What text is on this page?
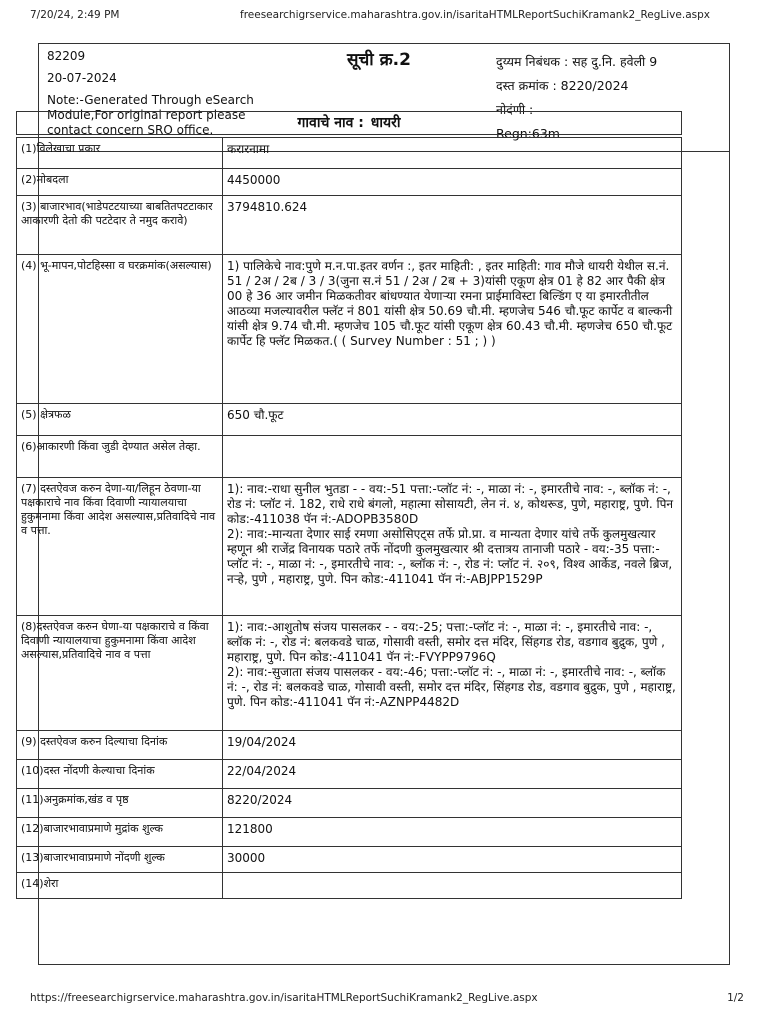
7/20/24, 2:49 PM	freesearchigrservice.maharashtra.gov.in/isaritaHTMLReportSuchiKramank2_RegLive.aspx
82209
20-07-2024
Note:-Generated Through eSearch Module,For original report please contact concern SRO office.
सूची क्र.2	दुय्यम निबंधक : सह दु.नि. हवेली 9
दस्त क्रमांक : 8220/2024
नोदंणी :
Regn:63m
गावाचे नाव : धायरी
(1)विलेखाचा प्रकार	करारनामा
(2)मोबदला	4450000
(3) बाजारभाव(भाडेपटटयाच्या बाबतितपटटाकार आकारणी देतो की पटटेदार ते नमुद करावे)	3794810.624
(4) भू-मापन,पोटहिस्सा व घरक्रमांक(असल्यास)	1) पालिकेचे नाव:पुणे म.न.पा.इतर वर्णन :, इतर माहिती: , इतर माहिती: गाव मौजे धायरी येथील स.नं. 51 / 2अ / 2ब / 3 / 3(जुना स.नं 51 / 2अ / 2ब + 3)यांसी एकूण क्षेत्र 01 हे 82 आर पैकी क्षेत्र 00 हे 36 आर जमीन मिळकतीवर बांधण्यात येणाऱ्या रमना प्राईमाविस्टा बिल्डिंग ए या इमारतीतील आठव्या मजल्यावरील फ्लॅट नं 801 यांसी क्षेत्र 50.69 चौ.मी. म्हणजेच 546 चौ.फूट कार्पेट व बाल्कनी यांसी क्षेत्र 9.74 चौ.मी. म्हणजेच 105 चौ.फूट यांसी एकूण क्षेत्र 60.43 चौ.मी. म्हणजेच 650 चौ.फूट कार्पेट हि फ्लॅट मिळकत.( ( Survey Number : 51 ; ) )
(5) क्षेत्रफळ	650 चौ.फूट
(6)आकारणी किंवा जुडी देण्यात असेल तेव्हा.	
(7) दस्तऐवज करुन देणा-या/लिहून ठेवणा-या पक्षकाराचे नाव किंवा दिवाणी न्यायालयाचा हुकुमनामा किंवा आदेश असल्यास,प्रतिवादिचे नाव व पत्ता.	1): नाव:-राधा सुनील भुतडा - - वय:-51 पत्ता:-प्लॉट नं: -, माळा नं: -, इमारतीचे नाव: -, ब्लॉक नं: -, रोड नं: प्लॉट नं. 182, राधे राधे बंगलो, महात्मा सोसायटी, लेन नं. ४, कोथरूड, पुणे, महाराष्ट्र, पुणे. पिन कोड:-411038 पॅन नं:-ADOPB3580D
2): नाव:-मान्यता देणार साई रमणा असोसिएट्स तर्फे प्रो.प्रा. व मान्यता देणार यांचे तर्फे कुलमुखत्यार म्हणून श्री राजेंद्र विनायक पठारे तर्फे नोंदणी कुलमुखत्यार श्री दत्तात्रय तानाजी पठारे - वय:-35 पत्ता:-प्लॉट नं: -, माळा नं: -, इमारतीचे नाव: -, ब्लॉक नं: -, रोड नं: प्लॉट नं. २०९, विश्व आर्केड, नवले ब्रिज, नऱ्हे, पुणे , महाराष्ट्र, पुणे. पिन कोड:-411041 पॅन नं:-ABJPP1529P

(8)दस्तऐवज करुन घेणा-या पक्षकाराचे व किंवा दिवाणी न्यायालयाचा हुकुमनामा किंवा आदेश असल्यास,प्रतिवादिचे नाव व पत्ता	1): नाव:-आशुतोष संजय पासलकर - - वय:-25; पत्ता:-प्लॉट नं: -, माळा नं: -, इमारतीचे नाव: -, ब्लॉक नं: -, रोड नं: बलकवडे चाळ, गोसावी वस्ती, समोर दत्त मंदिर, सिंहगड रोड, वडगाव बुद्रुक, पुणे , महाराष्ट्र, पुणे. पिन कोड:-411041 पॅन नं:-FVYPP9796Q
2): नाव:-सुजाता संजय पासलकर - वय:-46; पत्ता:-प्लॉट नं: -, माळा नं: -, इमारतीचे नाव: -, ब्लॉक नं: -, रोड नं: बलकवडे चाळ, गोसावी वस्ती, समोर दत्त मंदिर, सिंहगड रोड, वडगाव बुद्रुक, पुणे , महाराष्ट्र, पुणे. पिन कोड:-411041 पॅन नं:-AZNPP4482D

(9) दस्तऐवज करुन दिल्याचा दिनांक	19/04/2024
(10)दस्त नोंदणी केल्याचा दिनांक	22/04/2024
(11)अनुक्रमांक,खंड व पृष्ठ	8220/2024
(12)बाजारभावाप्रमाणे मुद्रांक शुल्क	121800
(13)बाजारभावाप्रमाणे नोंदणी शुल्क	30000
(14)शेरा	
https://freesearchigrservice.maharashtra.gov.in/isaritaHTMLReportSuchiKramank2_RegLive.aspx	1/2
